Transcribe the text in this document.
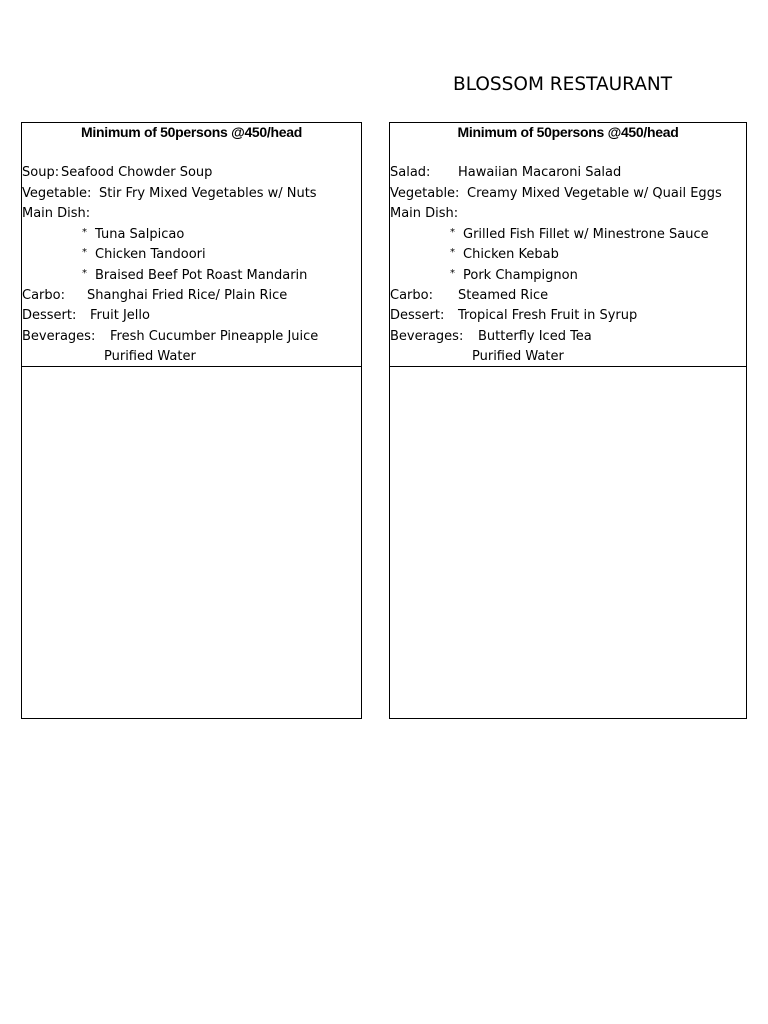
BLOSSOM RESTAURANT
Minimum of 50persons @450/head
Soup: Seafood Chowder Soup
Vegetable: Stir Fry Mixed Vegetables w/ Nuts
Main Dish:
* Tuna Salpicao
* Chicken Tandoori
* Braised Beef Pot Roast Mandarin
Carbo: Shanghai Fried Rice/ Plain Rice
Dessert: Fruit Jello
Beverages: Fresh Cucumber Pineapple Juice
Purified Water
Minimum of 50persons @450/head
Salad: Hawaiian Macaroni Salad
Vegetable: Creamy Mixed Vegetable w/ Quail Eggs
Main Dish:
* Grilled Fish Fillet w/ Minestrone Sauce
* Chicken Kebab
* Pork Champignon
Carbo: Steamed Rice
Dessert: Tropical Fresh Fruit in Syrup
Beverages: Butterfly Iced Tea
Purified Water
